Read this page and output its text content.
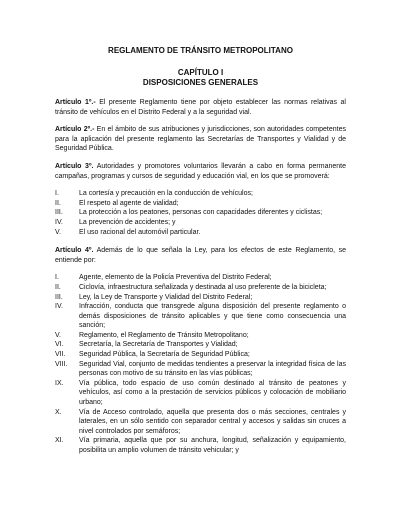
REGLAMENTO DE TRÁNSITO METROPOLITANO
CAPÍTULO I
DISPOSICIONES GENERALES

Artículo 1º.- El presente Reglamento tiene por objeto establecer las normas relativas al tránsito de vehículos en el Distrito Federal y a la seguridad vial.

Artículo 2º.- En el ámbito de sus atribuciones y jurisdicciones, son autoridades competentes para la aplicación del presente reglamento las Secretarías de Transportes y Vialidad y de Seguridad Pública.

Artículo 3º. Autoridades y promotores voluntarios llevarán a cabo en forma permanente campañas, programas y cursos de seguridad y educación vial, en los que se promoverá:

I.	La cortesía y precaución en la conducción de vehículos;
II.	El respeto al agente de vialidad;
III.	La protección a los peatones, personas con capacidades diferentes y ciclistas;
IV.	La prevención de accidentes; y
V.	El uso racional del automóvil particular.

Artículo 4º. Además de lo que señala la Ley, para los efectos de este Reglamento, se entiende por:

I.	Agente, elemento de la Policía Preventiva del Distrito Federal;
II.	Ciclovía, infraestructura señalizada y destinada al uso preferente de la bicicleta;
III.	Ley, la Ley de Transporte y Vialidad del Distrito Federal;
IV.	Infracción, conducta que transgrede alguna disposición del presente reglamento o demás disposiciones de tránsito aplicables y que tiene como consecuencia una sanción;
V.	Reglamento, el Reglamento de Tránsito Metropolitano;
VI.	Secretaría, la Secretaría de Transportes y Vialidad;
VII.	Seguridad Pública, la Secretaría de Seguridad Pública;
VIII.	Seguridad Vial, conjunto de medidas tendientes a preservar la integridad física de las personas con motivo de su tránsito en las vías públicas;
IX.	Vía pública, todo espacio de uso común destinado al tránsito de peatones y vehículos, así como a la prestación de servicios públicos y colocación de mobiliario urbano;
X.	Vía de Acceso controlado, aquella que presenta dos o más secciones, centrales y laterales, en un sólo sentido con separador central y accesos y salidas sin cruces a nivel controlados por semáforos;
XI.	Vía primaria, aquella que por su anchura, longitud, señalización y equipamiento, posibilita un amplio volumen de tránsito vehicular; y
